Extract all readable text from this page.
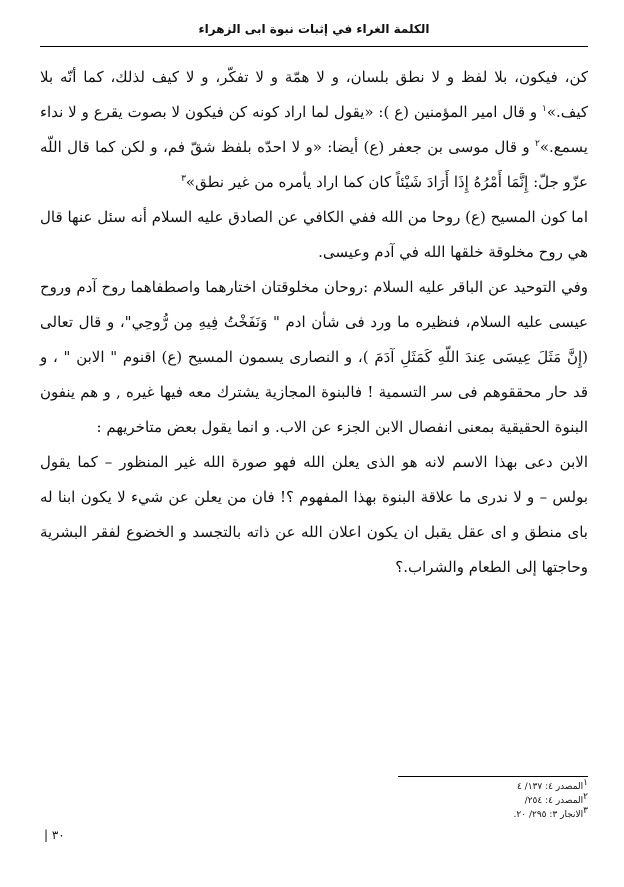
الكلمة الغراء في إثبات نبوة ابى الزهراء

كن، فيكون، بلا لفظ و لا نطق بلسان، و لا همّة و لا تفكّر، و لا كيف لذلك، كما أنّه بلا كيف.»$^١$ و قال امير المؤمنين (ع ): «يقول لما اراد كونه كن فيكون لا بصوت يقرع و لا نداء يسمع.»$^٢$ و قال موسى بن جعفر (ع) أيضا: «و لا احدّه بلفظ شقّ فم، و لكن كما قال اللّه عزّو جلّ: إِنَّمَا أَمْرُهُ إِذَا أَرَادَ شَيْئاً كان كما اراد يأمره من غير نطق»$^٣$

اما كون المسيح (ع) روحا من الله ففي الكافي عن الصادق عليه السلام أنه سئل عنها قال هي روح مخلوقة خلقها الله في آدم وعيسى.

وفي التوحيد عن الباقر عليه السلام :روحان مخلوقتان اختارهما واصطفاهما روح آدم وروح عيسى عليه السلام، فنظيره ما ورد فى شأن ادم " وَنَفَخْتُ فِيهِ مِن رُّوحِي"، و قال تعالى (إِنَّ مَثَلَ عِيسَى عِندَ اللّهِ كَمَثَلِ آدَمَ )، و النصارى يسمون المسيح (ع) اقنوم " الابن " ، و قد حار محققوهم فى سر التسمية ! فالبنوة المجازية يشترك معه فيها غيره , و هم ينفون البنوة الحقيقية بمعنى انفصال الابن الجزء عن الاب. و انما يقول بعض متاخريهم :

الابن دعى بهذا الاسم لانه هو الذى يعلن الله فهو صورة الله غير المنظور – كما يقول بولس – و لا ندرى ما علاقة البنوة بهذا المفهوم ؟! فان من يعلن عن شيء لا يكون ابنا له باى منطق و اى عقل يقبل ان يكون اعلان الله عن ذاته بالتجسد و الخضوع لفقر البشرية وحاجتها إلى الطعام والشراب.؟

$^١$المصدر ٤: ١٣٧/ ٤
$^٢$المصدر ٤: ٢٥٤/
$^٣$الانجار ٣: ٢٩٥/ ٢٠.
٣٠ |
